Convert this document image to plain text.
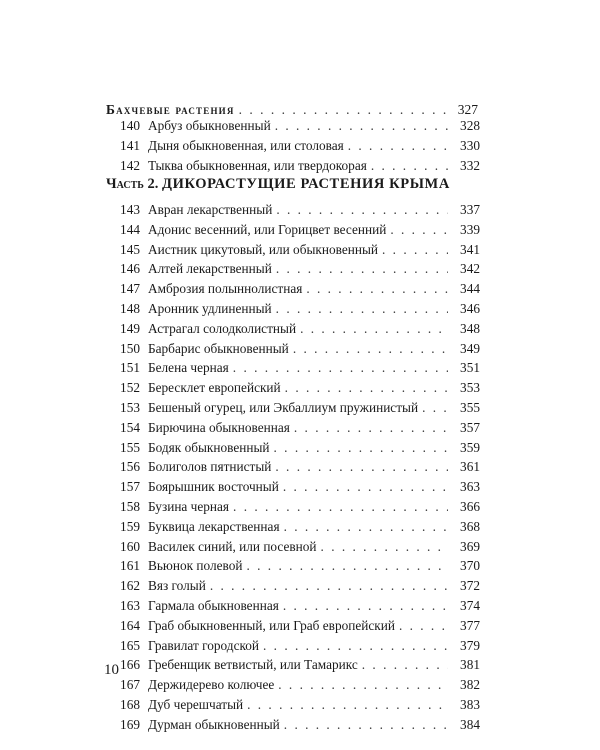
Бахчевые растения . . .	327
140 Арбуз обыкновенный . . .	328
141 Дыня обыкновенная, или столовая . . .	330
142 Тыква обыкновенная, или твердокорая . . .	332
Часть 2. ДИКОРАСТУЩИЕ РАСТЕНИЯ КРЫМА
143 Авран лекарственный . . .	337
144 Адонис весенний, или Горицвет весенний . . .	339
145 Аистник цикутовый, или обыкновенный . . .	341
146 Алтей лекарственный . . .	342
147 Амброзия полыннолистная . . .	344
148 Аронник удлиненный . . .	346
149 Астрагал солодколистный . . .	348
150 Барбарис обыкновенный . . .	349
151 Белена черная . . .	351
152 Бересклет европейский . . .	353
153 Бешеный огурец, или Экбаллиум пружинистый . . .	355
154 Бирючина обыкновенная . . .	357
155 Бодяк обыкновенный . . .	359
156 Болиголов пятнистый . . .	361
157 Боярышник восточный . . .	363
158 Бузина черная . . .	366
159 Буквица лекарственная . . .	368
160 Василек синий, или посевной . . .	369
161 Вьюнок полевой . . .	370
162 Вяз голый . . .	372
163 Гармала обыкновенная . . .	374
164 Граб обыкновенный, или Граб европейский . . .	377
165 Гравилат городской . . .	379
166 Гребенщик ветвистый, или Тамарикс . . .	381
167 Держидерево колючее . . .	382
168 Дуб черешчатый . . .	383
169 Дурман обыкновенный . . .	384
10
